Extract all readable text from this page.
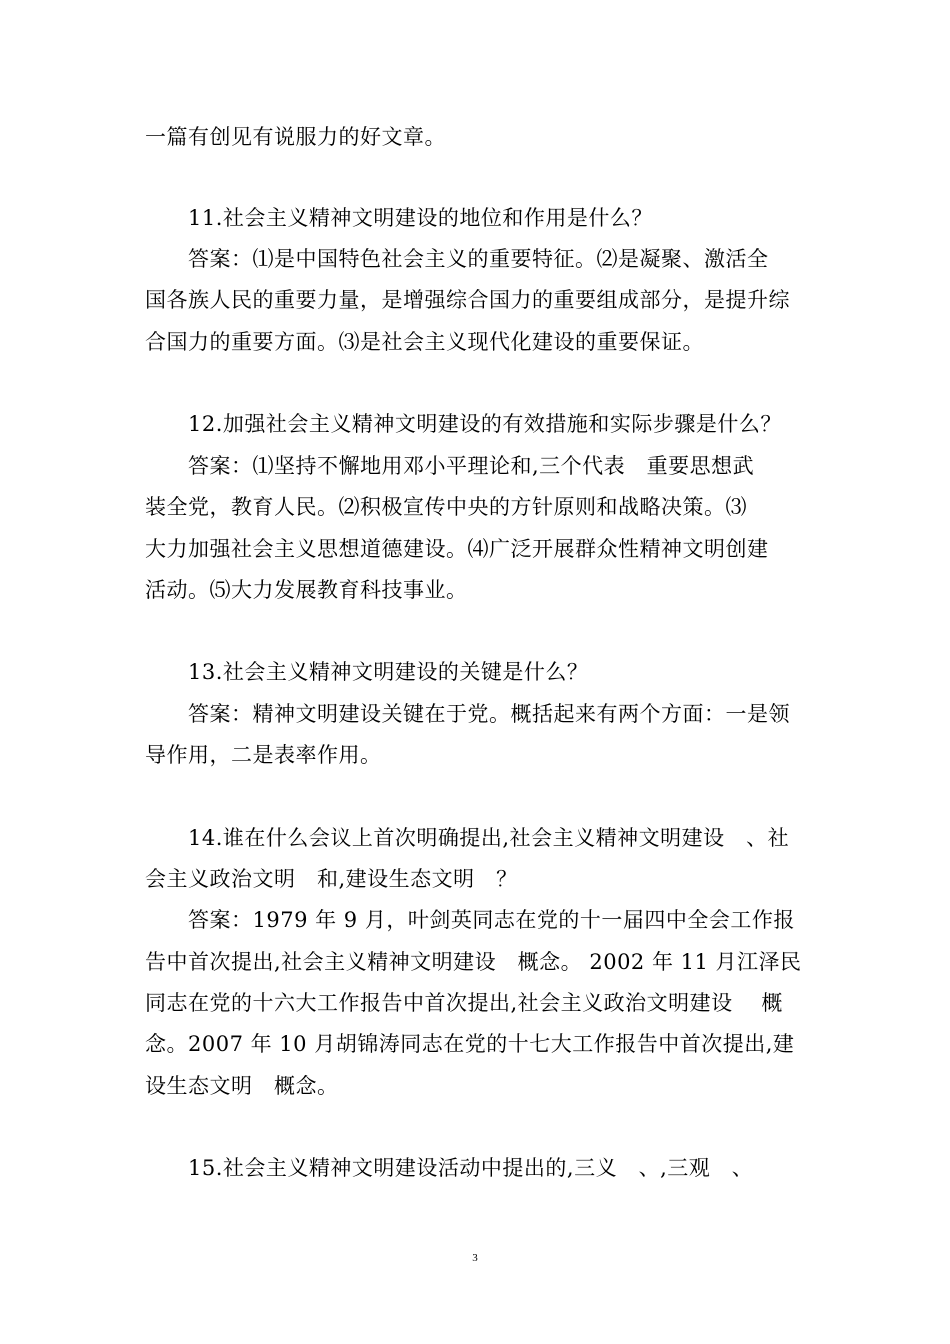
一篇有创见有说服力的好文章。

11.社会主义精神文明建设的地位和作用是什么？

答案：⑴是中国特色社会主义的重要特征。⑵是凝聚、激活全

国各族人民的重要力量，是增强综合国力的重要组成部分，是提升综

合国力的重要方面。⑶是社会主义现代化建设的重要保证。

12.加强社会主义精神文明建设的有效措施和实际步骤是什么？

答案：⑴坚持不懈地用邓小平理论和,三个代表　重要思想武

装全党，教育人民。⑵积极宣传中央的方针原则和战略决策。⑶

大力加强社会主义思想道德建设。⑷广泛开展群众性精神文明创建

活动。⑸大力发展教育科技事业。

13.社会主义精神文明建设的关键是什么？

答案：精神文明建设关键在于党。概括起来有两个方面：一是领

导作用，二是表率作用。

14.谁在什么会议上首次明确提出,社会主义精神文明建设　、社

会主义政治文明　和,建设生态文明　？

答案：1979 年 9 月，叶剑英同志在党的十一届四中全会工作报

告中首次提出,社会主义精神文明建设　概念。 2002 年 11 月江泽民

同志在党的十六大工作报告中首次提出,社会主义政治文明建设　 概

念。2007 年 10 月胡锦涛同志在党的十七大工作报告中首次提出,建

设生态文明　概念。

15.社会主义精神文明建设活动中提出的,三义　、,三观　、

3
